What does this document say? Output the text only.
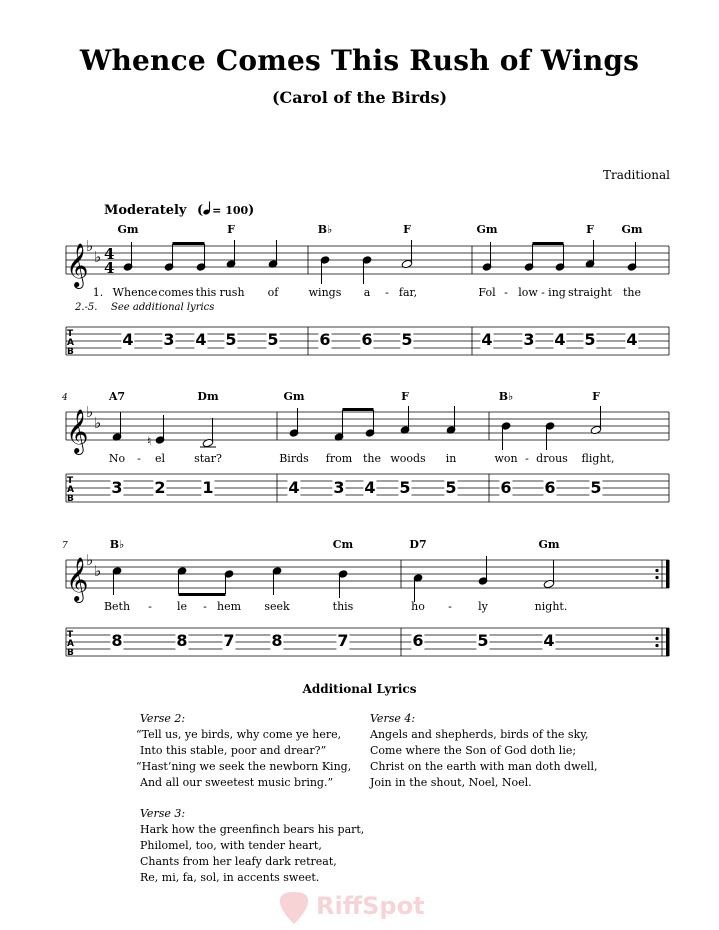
Whence Comes This Rush of Wings
(Carol of the Birds)
Traditional
Moderately ( = 100)
Gm	F	B♭	F	Gm	F	Gm
𝄞
𝄞
𝄞
♭
♭
♭
♭
♭
♭
4
4
T
A
B
T
A
B
T
A
B
♮
1. Whence comes this rush of	wings a - far,	Fol - low - ing straight the
2.-5. See additional lyrics
4 3 4 5 5	6 6 5	4 3 4 5 4
4	A7	Dm	Gm	F	B♭	F
No - el	star?	Birds from the woods in	won - drous flight,
3 2 1	4 3 4 5 5	6 6 5
7	B♭	Cm	D7	Gm
Beth - le - hem seek	this	ho - ly	night.
8	8 7 8	7	6	5	4
Additional Lyrics
Verse 2:
“Tell us, ye birds, why come ye here,
Into this stable, poor and drear?”
“Hast’ning we seek the newborn King,
And all our sweetest music bring.”
Verse 3:
Hark how the greenfinch bears his part,
Philomel, too, with tender heart,
Chants from her leafy dark retreat,
Re, mi, fa, sol, in accents sweet.
Verse 4:
Angels and shepherds, birds of the sky,
Come where the Son of God doth lie;
Christ on the earth with man doth dwell,
Join in the shout, Noel, Noel.
RiffSpot
